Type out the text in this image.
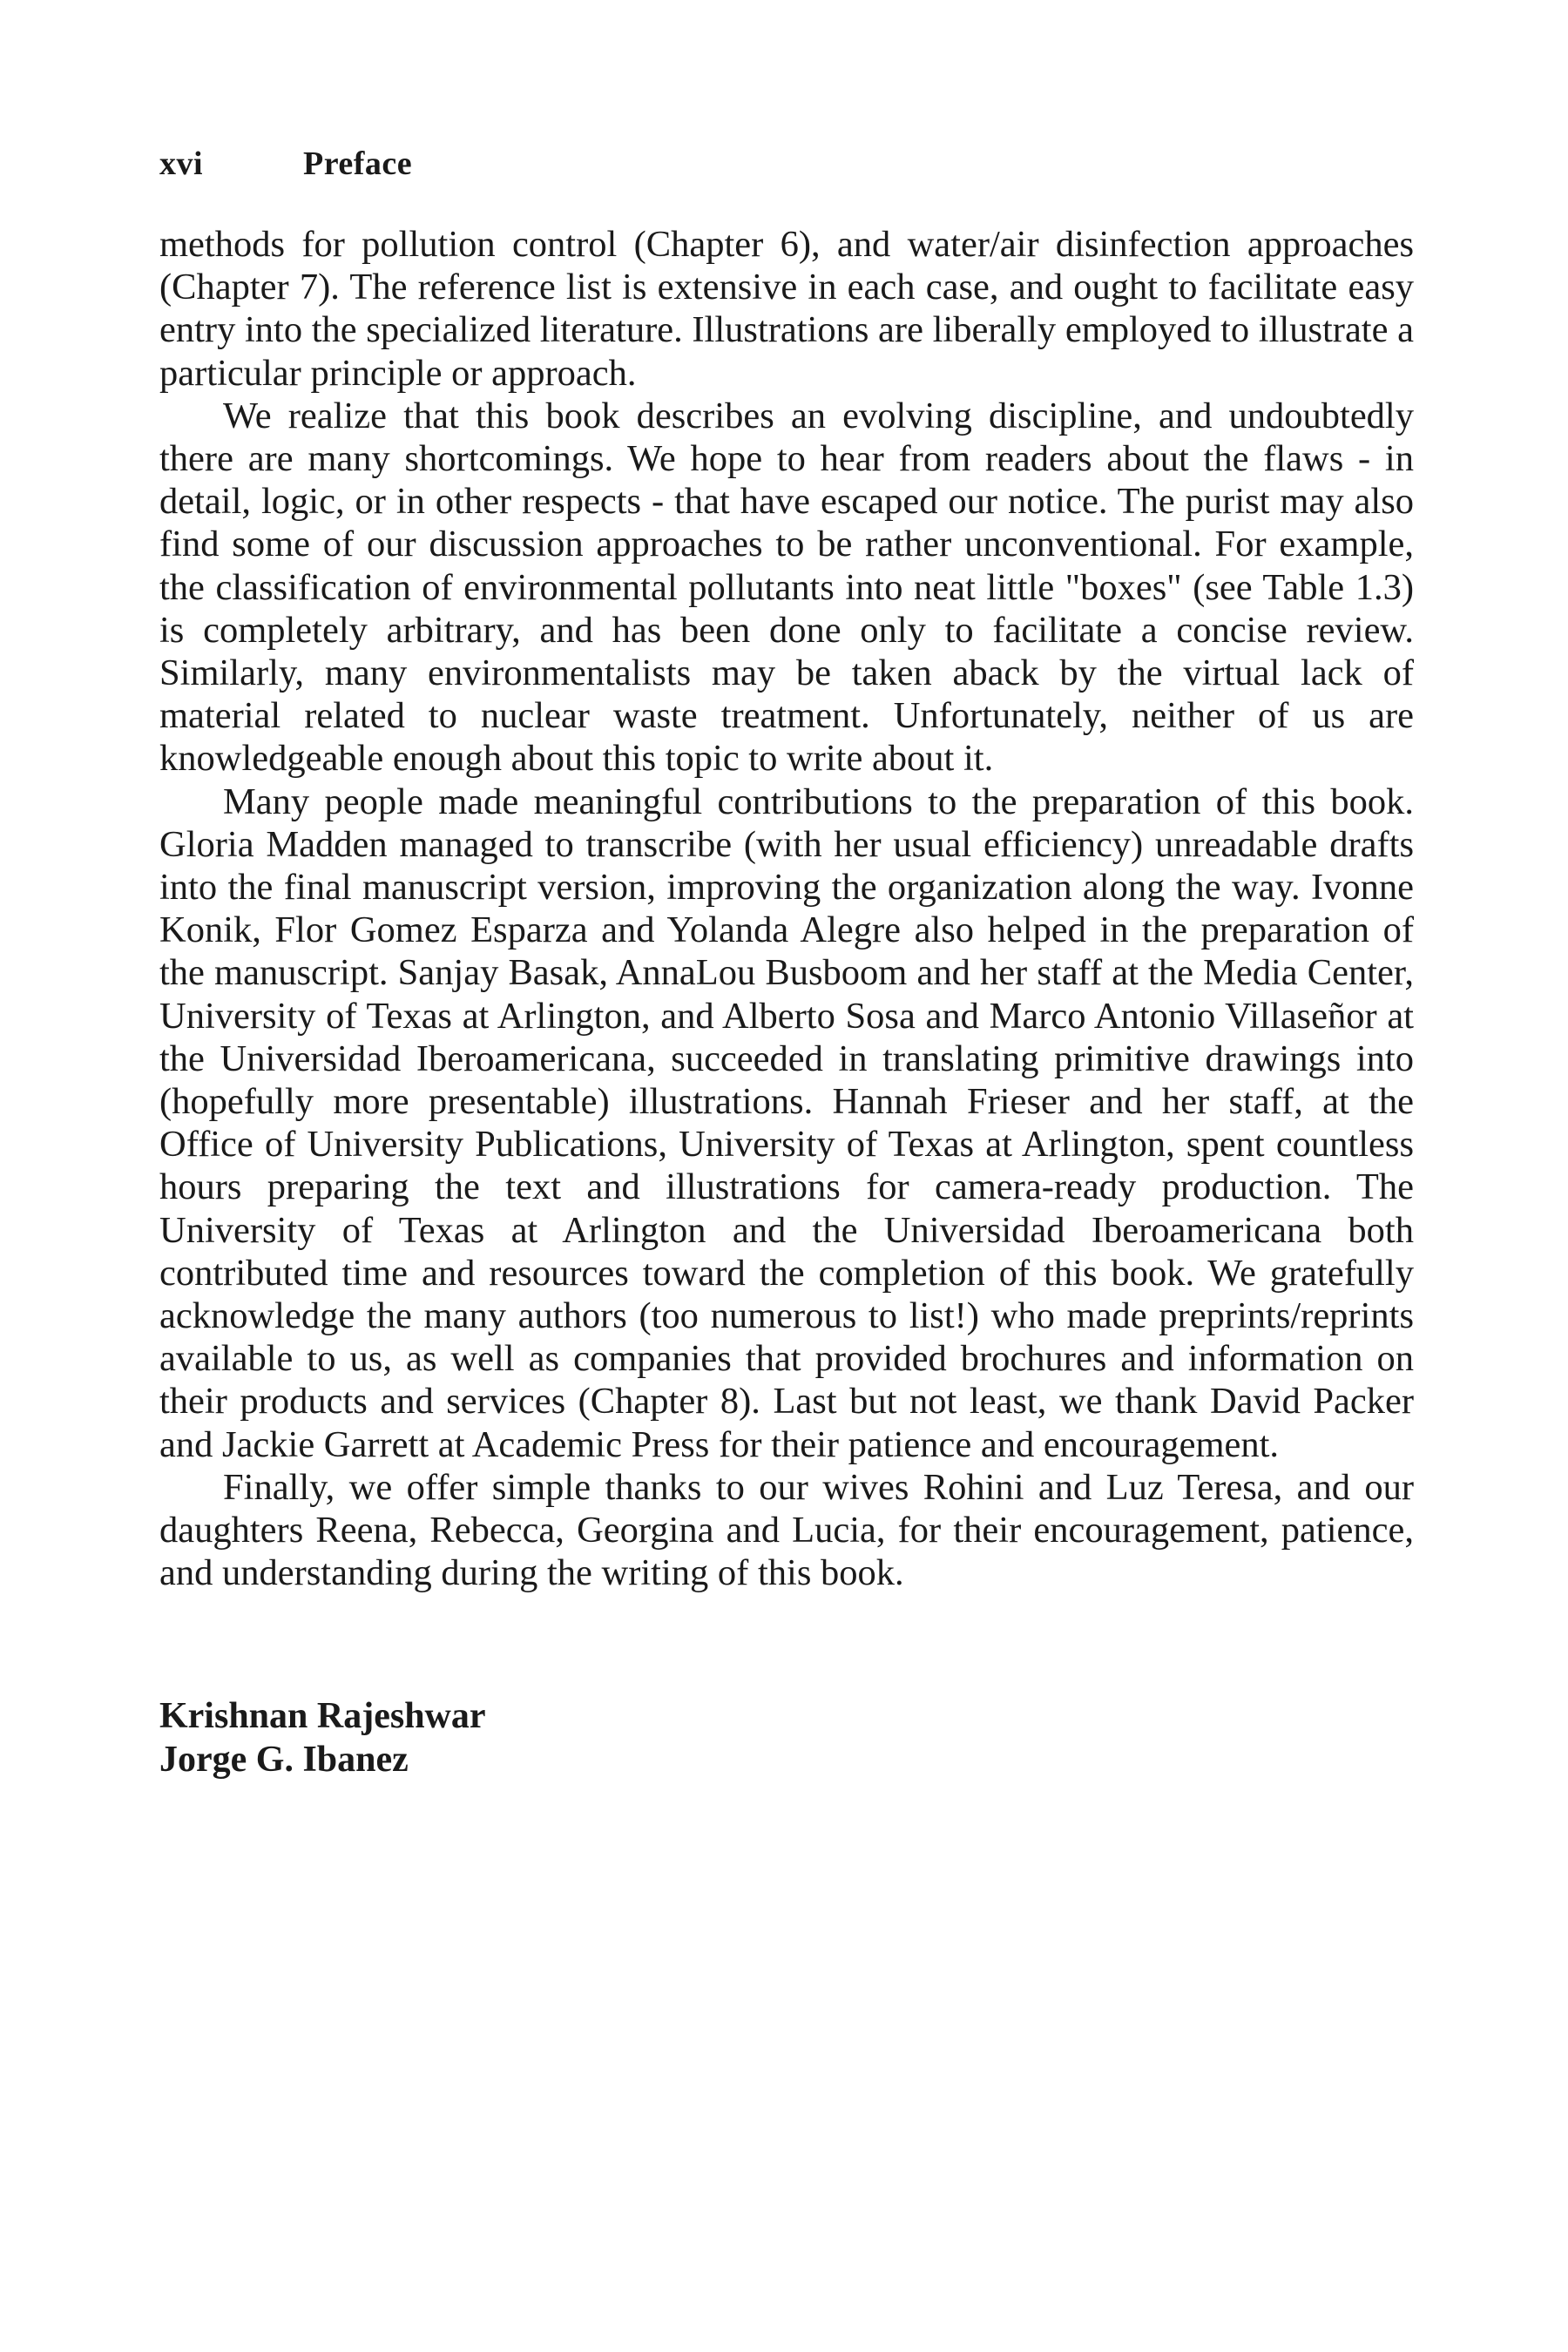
xvi	Preface

methods for pollution control (Chapter 6), and water/air disinfection approaches (Chapter 7). The reference list is extensive in each case, and ought to facilitate easy entry into the specialized literature. Illustrations are liberally employed to illustrate a particular principle or approach.

We realize that this book describes an evolving discipline, and undoubtedly there are many shortcomings. We hope to hear from readers about the flaws - in detail, logic, or in other respects - that have escaped our notice. The purist may also find some of our discussion approaches to be rather unconventional. For example, the classification of environmental pollutants into neat little "boxes" (see Table 1.3) is completely arbitrary, and has been done only to facilitate a concise review. Similarly, many environmentalists may be taken aback by the virtual lack of material related to nuclear waste treatment. Unfortunately, neither of us are knowledgeable enough about this topic to write about it.

Many people made meaningful contributions to the preparation of this book. Gloria Madden managed to transcribe (with her usual efficiency) unreadable drafts into the final manuscript version, improving the organization along the way. Ivonne Konik, Flor Gomez Esparza and Yolanda Alegre also helped in the preparation of the manuscript. Sanjay Basak, AnnaLou Busboom and her staff at the Media Center, University of Texas at Arlington, and Alberto Sosa and Marco Antonio Villaseñor at the Universidad Iberoamericana, succeeded in translating primitive drawings into (hopefully more presentable) illustrations. Hannah Frieser and her staff, at the Office of University Publications, University of Texas at Arlington, spent countless hours preparing the text and illustrations for camera-ready production. The University of Texas at Arlington and the Universidad Iberoamericana both contributed time and resources toward the completion of this book. We gratefully acknowledge the many authors (too numerous to list!) who made preprints/reprints available to us, as well as companies that provided brochures and information on their products and services (Chapter 8). Last but not least, we thank David Packer and Jackie Garrett at Academic Press for their patience and encouragement.

Finally, we offer simple thanks to our wives Rohini and Luz Teresa, and our daughters Reena, Rebecca, Georgina and Lucia, for their encouragement, patience, and understanding during the writing of this book.

Krishnan Rajeshwar
Jorge G. Ibanez
